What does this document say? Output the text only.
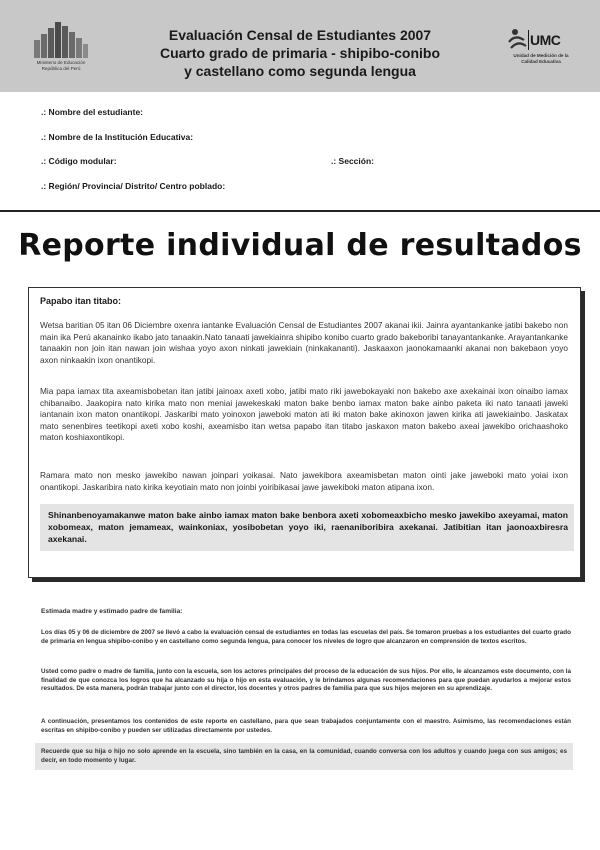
Ministerio de Educación República del Perú
Evaluación Censal de Estudiantes 2007
Cuarto grado de primaria - shipibo-conibo
y castellano como segunda lengua
UMC
Unidad de Medición de la Calidad Educativa
.: Nombre del estudiante:
.: Nombre de la Institución Educativa:
.: Código modular:	.: Sección:
.: Región/ Provincia/ Distrito/ Centro poblado:
Reporte individual de resultados
Papabo itan titabo:

Wetsa baritian 05 itan 06 Diciembre oxenra iantanke Evaluación Censal de Estudiantes 2007 akanai ikii. Jainra ayantankanke jatibi bakebo non main ika Perú akanainko ikabo jato tanaakin.Nato tanaati jawekiainra shipibo konibo cuarto grado bakeboribi tanayantankanke. Arayantankanke tanaakin non join itan nawan join wishaa yoyo axon ninkati jawekiain (ninkakananti). Jaskaaxon jaonokamaanki akanai non bakebaon yoyo axon ninkaakin ixon onantikopi.

Mia papa iamax tita axeamisbobetan itan jatibi jainoax axeti xobo, jatibi mato riki jawebokayaki non bakebo axe axekainai ixon oinaibo iamax chibanaibo. Jaakopira nato kirika mato non meniai jawekeskaki maton bake benbo iamax maton bake ainbo paketa iki nato tanaati jaweki iantanain ixon maton onantikopi. Jaskaribi mato yoinoxon jaweboki maton ati iki maton bake akinoxon jawen kirika ati jawekiainbo. Jaskatax mato senenbires teetikopi axeti xobo koshi, axeamisbo itan wetsa papabo itan titabo jaskaxon maton bakebo axeai jawekibo orichaashoko maton koshiaxontikopi.

Ramara mato non mesko jawekibo nawan joinpari yoikasai. Nato jawekibora axeamisbetan maton ointi jake jaweboki mato yoiai ixon onantikopi. Jaskaribira nato kirika keyotiain mato non joinbi yoiribikasai jawe jawekiboki maton atipana ixon.

Shinanbenoyamakanwe maton bake ainbo iamax maton bake benbora axeti xobomeaxbicho mesko jawekibo axeyamai, maton xobomeax, maton jemameax, wainkoniax, yosibobetan yoyo iki, raenaniboribira axekanai. Jatibitian itan jaonoaxbiresra axekanai.

Estimada madre y estimado padre de familia:

Los días 05 y 06 de diciembre de 2007 se llevó a cabo la evaluación censal de estudiantes en todas las escuelas del país. Se tomaron pruebas a los estudiantes del cuarto grado de primaria en lengua shipibo-conibo y en castellano como segunda lengua, para conocer los niveles de logro que alcanzaron en comprensión de textos escritos.

Usted como padre o madre de familia, junto con la escuela, son los actores principales del proceso de la educación de sus hijos. Por ello, le alcanzamos este documento, con la finalidad de que conozca los logros que ha alcanzado su hija o hijo en esta evaluación, y le brindamos algunas recomendaciones para que puedan ayudarlos a mejorar estos resultados. De esta manera, podrán trabajar junto con el director, los docentes y otros padres de familia para que sus hijos mejoren en su aprendizaje.

A continuación, presentamos los contenidos de este reporte en castellano, para que sean trabajados conjuntamente con el maestro. Asimismo, las recomendaciones están escritas en shipibo-conibo y pueden ser utilizadas directamente por ustedes.

Recuerde que su hija o hijo no solo aprende en la escuela, sino también en la casa, en la comunidad, cuando conversa con los adultos y cuando juega con sus amigos; es decir, en todo momento y lugar.
